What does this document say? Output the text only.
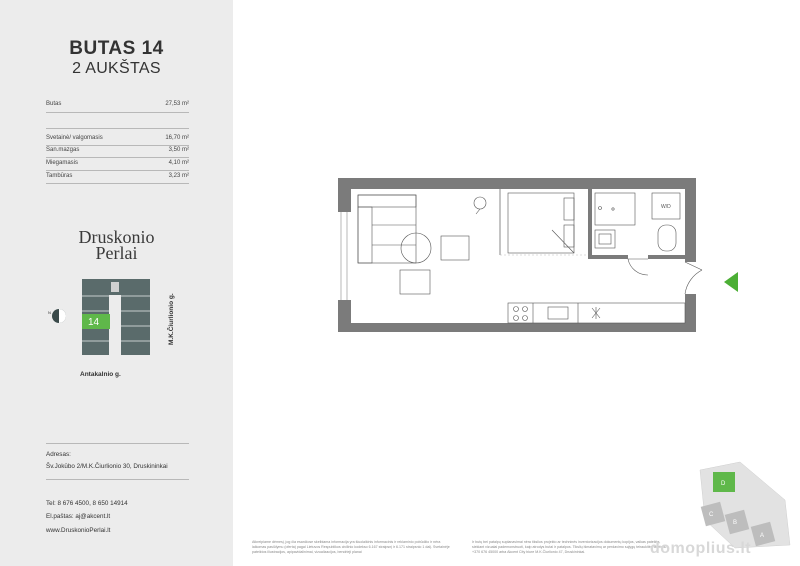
BUTAS 14
2 AUKŠTAS
Butas	27,53 m²
Svetainė/ valgomasis	16,70 m²
San.mazgas	3,50 m²
Miegamasis	4,10 m²
Tambūras	3,23 m²
Druskonio
Perlai
N
14	M.K.Čiurlionio g.
Antakalnio g.
Adresas:
Šv.Jokūbo 2/M.K.Čiurlionio 30, Druskininkai
Tel: 8 676 4500, 8 650 14914
El.paštas: aj@akcent.lt
www.DruskonioPerlai.lt
W/D
D
C
B
A
Atkreipiame dėmesį, jog čia esančiose skelbiama informacija yra šiuolaikinis informacinis ir reklaminio pobūdžio ir nėra laikomas pasiūlymu (oferta) pagal Lietuvos Respublikos civilinio kodekso 6.167 straipsnį ir 6.171 straipsnio 1 dalį. Svetainėje pateiktos iliustracijos, apipavidalinimai, vizualizacijos, bendrieji planai
Ir butų bei patalpų suplanavimai nėra tikslios projekto ar techninės inventorizacijos dokumentų kopijos, vaikas pateikta, siekiant vizualai pademonstruoti, kaip atrodys butai ir patalpos. Tikslių išmatavimų ar perdavimo sąlygų teiraukitės telefonu +370 676 45000 arba Akcent City biure M.K.Čiurlionio 47, Druskininkai.	domoplius.lt
